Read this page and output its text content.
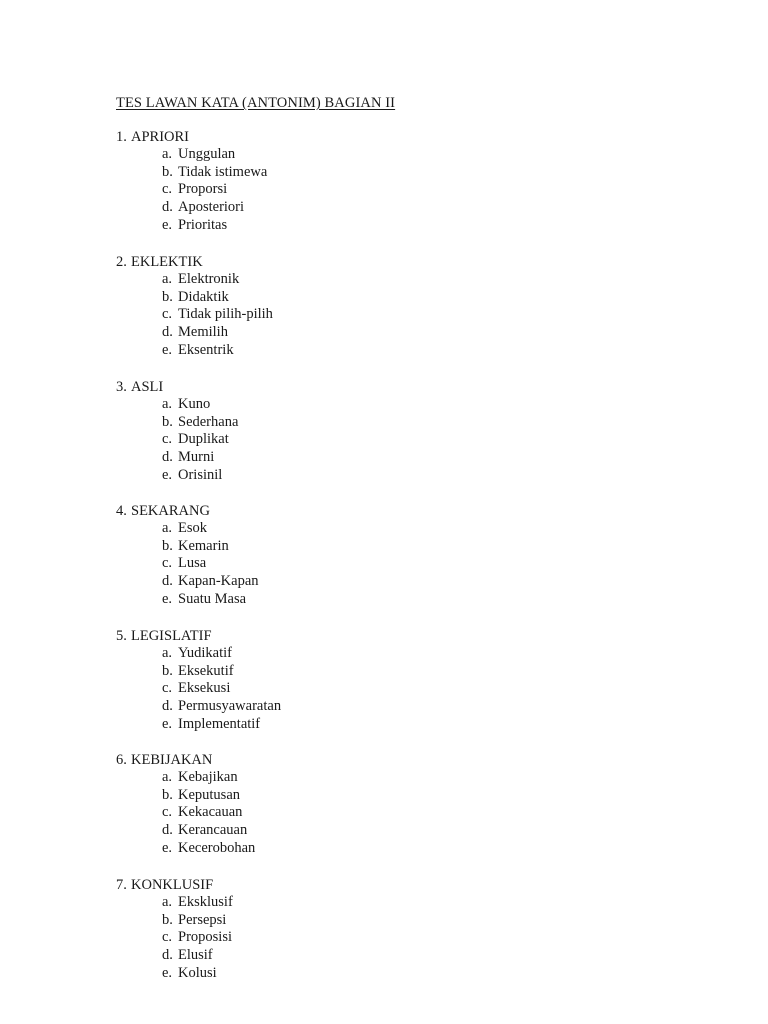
TES LAWAN KATA (ANTONIM) BAGIAN II
1. APRIORI
a. Unggulan
b. Tidak istimewa
c. Proporsi
d. Aposteriori
e. Prioritas
2. EKLEKTIK
a. Elektronik
b. Didaktik
c. Tidak pilih-pilih
d. Memilih
e. Eksentrik
3. ASLI
a. Kuno
b. Sederhana
c. Duplikat
d. Murni
e. Orisinil
4. SEKARANG
a. Esok
b. Kemarin
c. Lusa
d. Kapan-Kapan
e. Suatu Masa
5. LEGISLATIF
a. Yudikatif
b. Eksekutif
c. Eksekusi
d. Permusyawaratan
e. Implementatif
6. KEBIJAKAN
a. Kebajikan
b. Keputusan
c. Kekacauan
d. Kerancauan
e. Kecerobohan
7. KONKLUSIF
a. Eksklusif
b. Persepsi
c. Proposisi
d. Elusif
e. Kolusi
